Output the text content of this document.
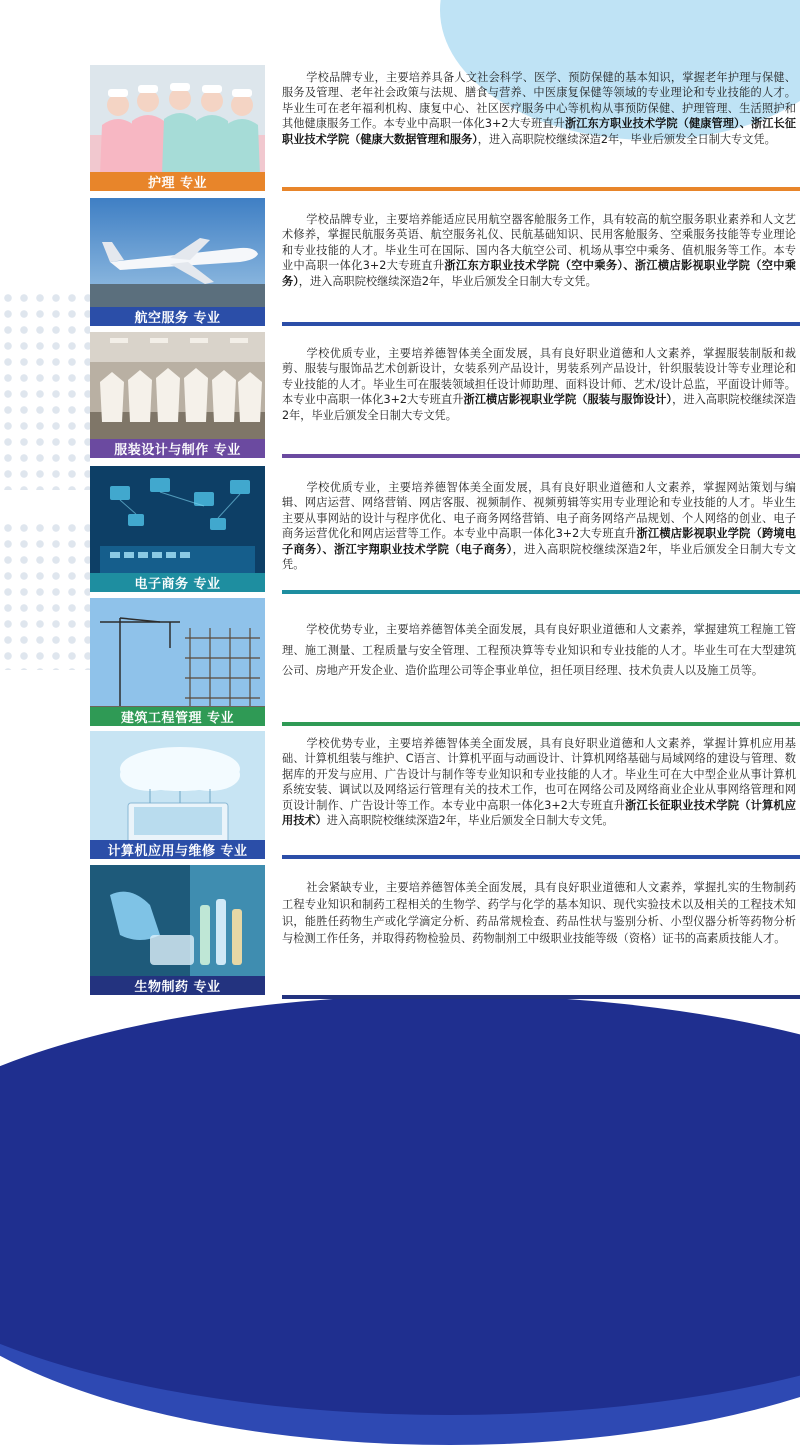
护理 专业
学校品牌专业，主要培养具备人文社会科学、医学、预防保健的基本知识，掌握老年护理与保健、服务及管理、老年社会政策与法规、膳食与营养、中医康复保健等领域的专业理论和专业技能的人才。毕业生可在老年福利机构、康复中心、社区医疗服务中心等机构从事预防保健、护理管理、生活照护和其他健康服务工作。本专业中高职一体化3+2大专班直升浙江东方职业技术学院（健康管理）、浙江长征职业技术学院（健康大数据管理和服务），进入高职院校继续深造2年，毕业后颁发全日制大专文凭。
航空服务 专业
学校品牌专业，主要培养能适应民用航空器客舱服务工作，具有较高的航空服务职业素养和人文艺术修养，掌握民航服务英语、航空服务礼仪、民航基础知识、民用客舱服务、空乘服务技能等专业理论和专业技能的人才。毕业生可在国际、国内各大航空公司、机场从事空中乘务、值机服务等工作。本专业中高职一体化3+2大专班直升浙江东方职业技术学院（空中乘务）、浙江横店影视职业学院（空中乘务），进入高职院校继续深造2年，毕业后颁发全日制大专文凭。
服装设计与制作 专业
学校优质专业，主要培养德智体美全面发展，具有良好职业道德和人文素养，掌握服装制版和裁剪、服装与服饰品艺术创新设计，女装系列产品设计，男装系列产品设计，针织服装设计等专业理论和专业技能的人才。毕业生可在服装领域担任设计师助理、面料设计师、艺术/设计总监，平面设计师等。本专业中高职一体化3+2大专班直升浙江横店影视职业学院（服装与服饰设计），进入高职院校继续深造2年，毕业后颁发全日制大专文凭。
电子商务 专业
学校优质专业，主要培养德智体美全面发展，具有良好职业道德和人文素养，掌握网站策划与编辑、网店运营、网络营销、网店客服、视频制作、视频剪辑等实用专业理论和专业技能的人才。毕业生主要从事网站的设计与程序优化、电子商务网络营销、电子商务网络产品规划、个人网络的创业、电子商务运营优化和网店运营等工作。本专业中高职一体化3+2大专班直升浙江横店影视职业学院（跨境电子商务）、浙江宇翔职业技术学院（电子商务），进入高职院校继续深造2年，毕业后颁发全日制大专文凭。
建筑工程管理 专业
学校优势专业，主要培养德智体美全面发展，具有良好职业道德和人文素养，掌握建筑工程施工管理、施工测量、工程质量与安全管理、工程预决算等专业知识和专业技能的人才。毕业生可在大型建筑公司、房地产开发企业、造价监理公司等企事业单位，担任项目经理、技术负责人以及施工员等。
计算机应用与维修 专业
学校优势专业，主要培养德智体美全面发展，具有良好职业道德和人文素养，掌握计算机应用基础、计算机组装与维护、C语言、计算机平面与动画设计、计算机网络基础与局域网络的建设与管理、数据库的开发与应用、广告设计与制作等专业知识和专业技能的人才。毕业生可在大中型企业从事计算机系统安装、调试以及网络运行管理有关的技术工作，也可在网络公司及网络商业企业从事网络管理和网页设计制作、广告设计等工作。本专业中高职一体化3+2大专班直升浙江长征职业技术学院（计算机应用技术）进入高职院校继续深造2年，毕业后颁发全日制大专文凭。
生物制药 专业
社会紧缺专业，主要培养德智体美全面发展，具有良好职业道德和人文素养，掌握扎实的生物制药工程专业知识和制药工程相关的生物学、药学与化学的基本知识、现代实验技术以及相关的工程技术知识，能胜任药物生产或化学滴定分析、药品常规检查、药品性状与鉴别分析、小型仪器分析等药物分析与检测工作任务，并取得药物检验员、药物制剂工中级职业技能等级（资格）证书的高素质技能人才。
